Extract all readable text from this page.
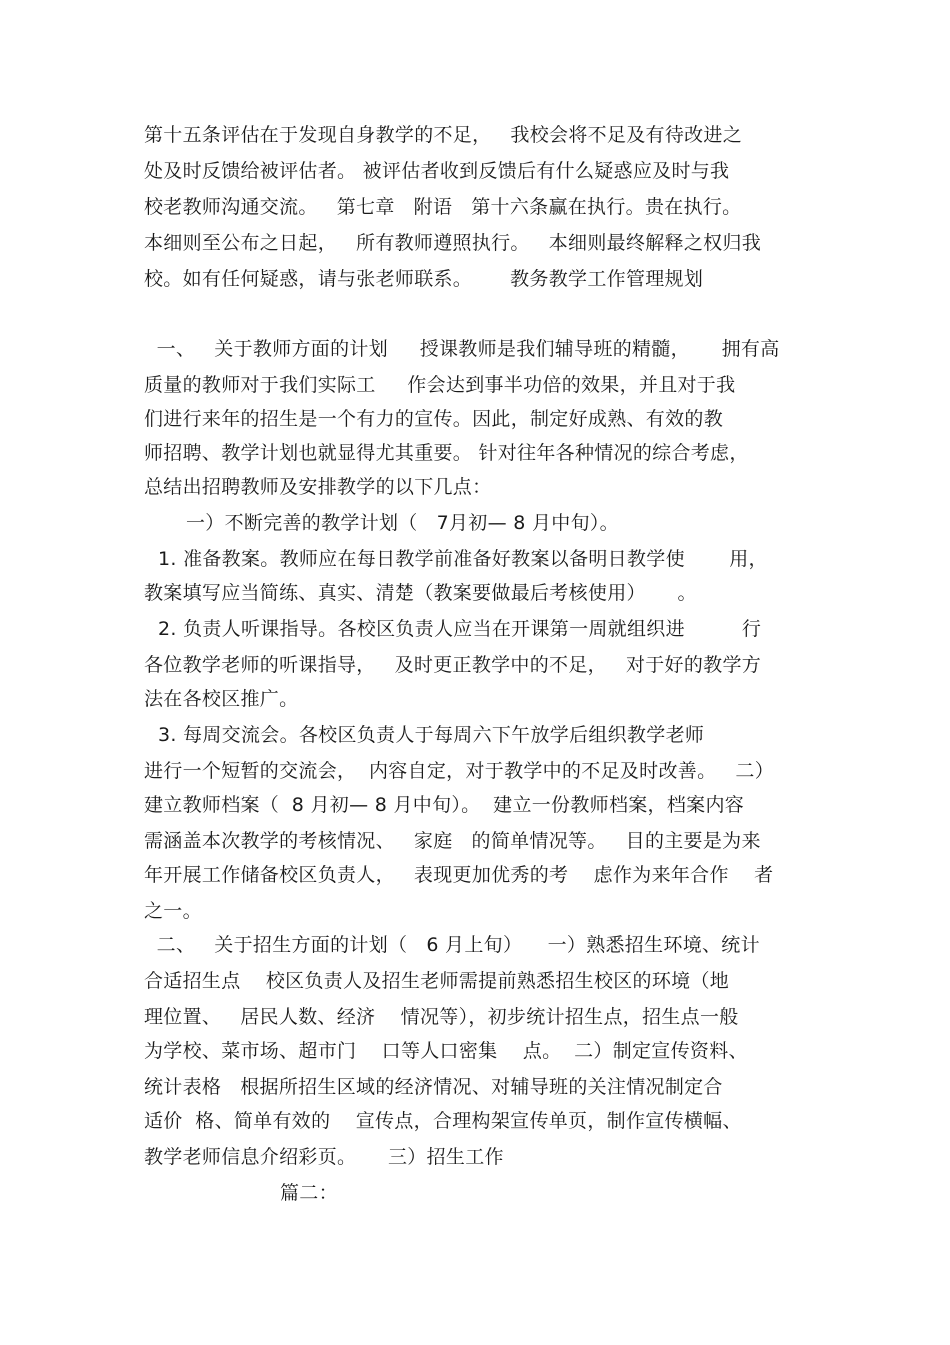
第十五条评估在于发现自身教学的不足，   我校会将不足及有待改进之
处及时反馈给被评估者。 被评估者收到反馈后有什么疑惑应及时与我
校老教师沟通交流。   第七章   附语   第十六条赢在执行。贵在执行。
本细则至公布之日起，   所有教师遵照执行。   本细则最终解释之权归我
校。如有任何疑惑，请与张老师联系。      教务教学工作管理规划
一、   关于教师方面的计划     授课教师是我们辅导班的精髓，     拥有高
质量的教师对于我们实际工     作会达到事半功倍的效果，并且对于我
们进行来年的招生是一个有力的宣传。因此，制定好成熟、有效的教
师招聘、教学计划也就显得尤其重要。 针对往年各种情况的综合考虑，
总结出招聘教师及安排教学的以下几点：
一）不断完善的教学计划（   7月初— 8 月中旬）。
1. 准备教案。教师应在每日教学前准备好教案以备明日教学使       用，
教案填写应当简练、真实、清楚（教案要做最后考核使用）     。
2. 负责人听课指导。各校区负责人应当在开课第一周就组织进         行
各位教学老师的听课指导，   及时更正教学中的不足，   对于好的教学方
法在各校区推广。
3. 每周交流会。各校区负责人于每周六下午放学后组织教学老师
进行一个短暂的交流会，  内容自定，对于教学中的不足及时改善。   二）
建立教师档案（  8 月初— 8 月中旬）。  建立一份教师档案，档案内容
需涵盖本次教学的考核情况、   家庭   的简单情况等。   目的主要是为来
年开展工作储备校区负责人，   表现更加优秀的考    虑作为来年合作    者
之一。
二、   关于招生方面的计划（   6 月上旬）    一）熟悉招生环境、统计
合适招生点    校区负责人及招生老师需提前熟悉招生校区的环境（地
理位置、   居民人数、经济    情况等），初步统计招生点，招生点一般
为学校、菜市场、超市门    口等人口密集    点。  二）制定宣传资料、
统计表格   根据所招生区域的经济情况、对辅导班的关注情况制定合
适价  格、简单有效的    宣传点，合理构架宣传单页，制作宣传横幅、
教学老师信息介绍彩页。     三）招生工作
篇二：
